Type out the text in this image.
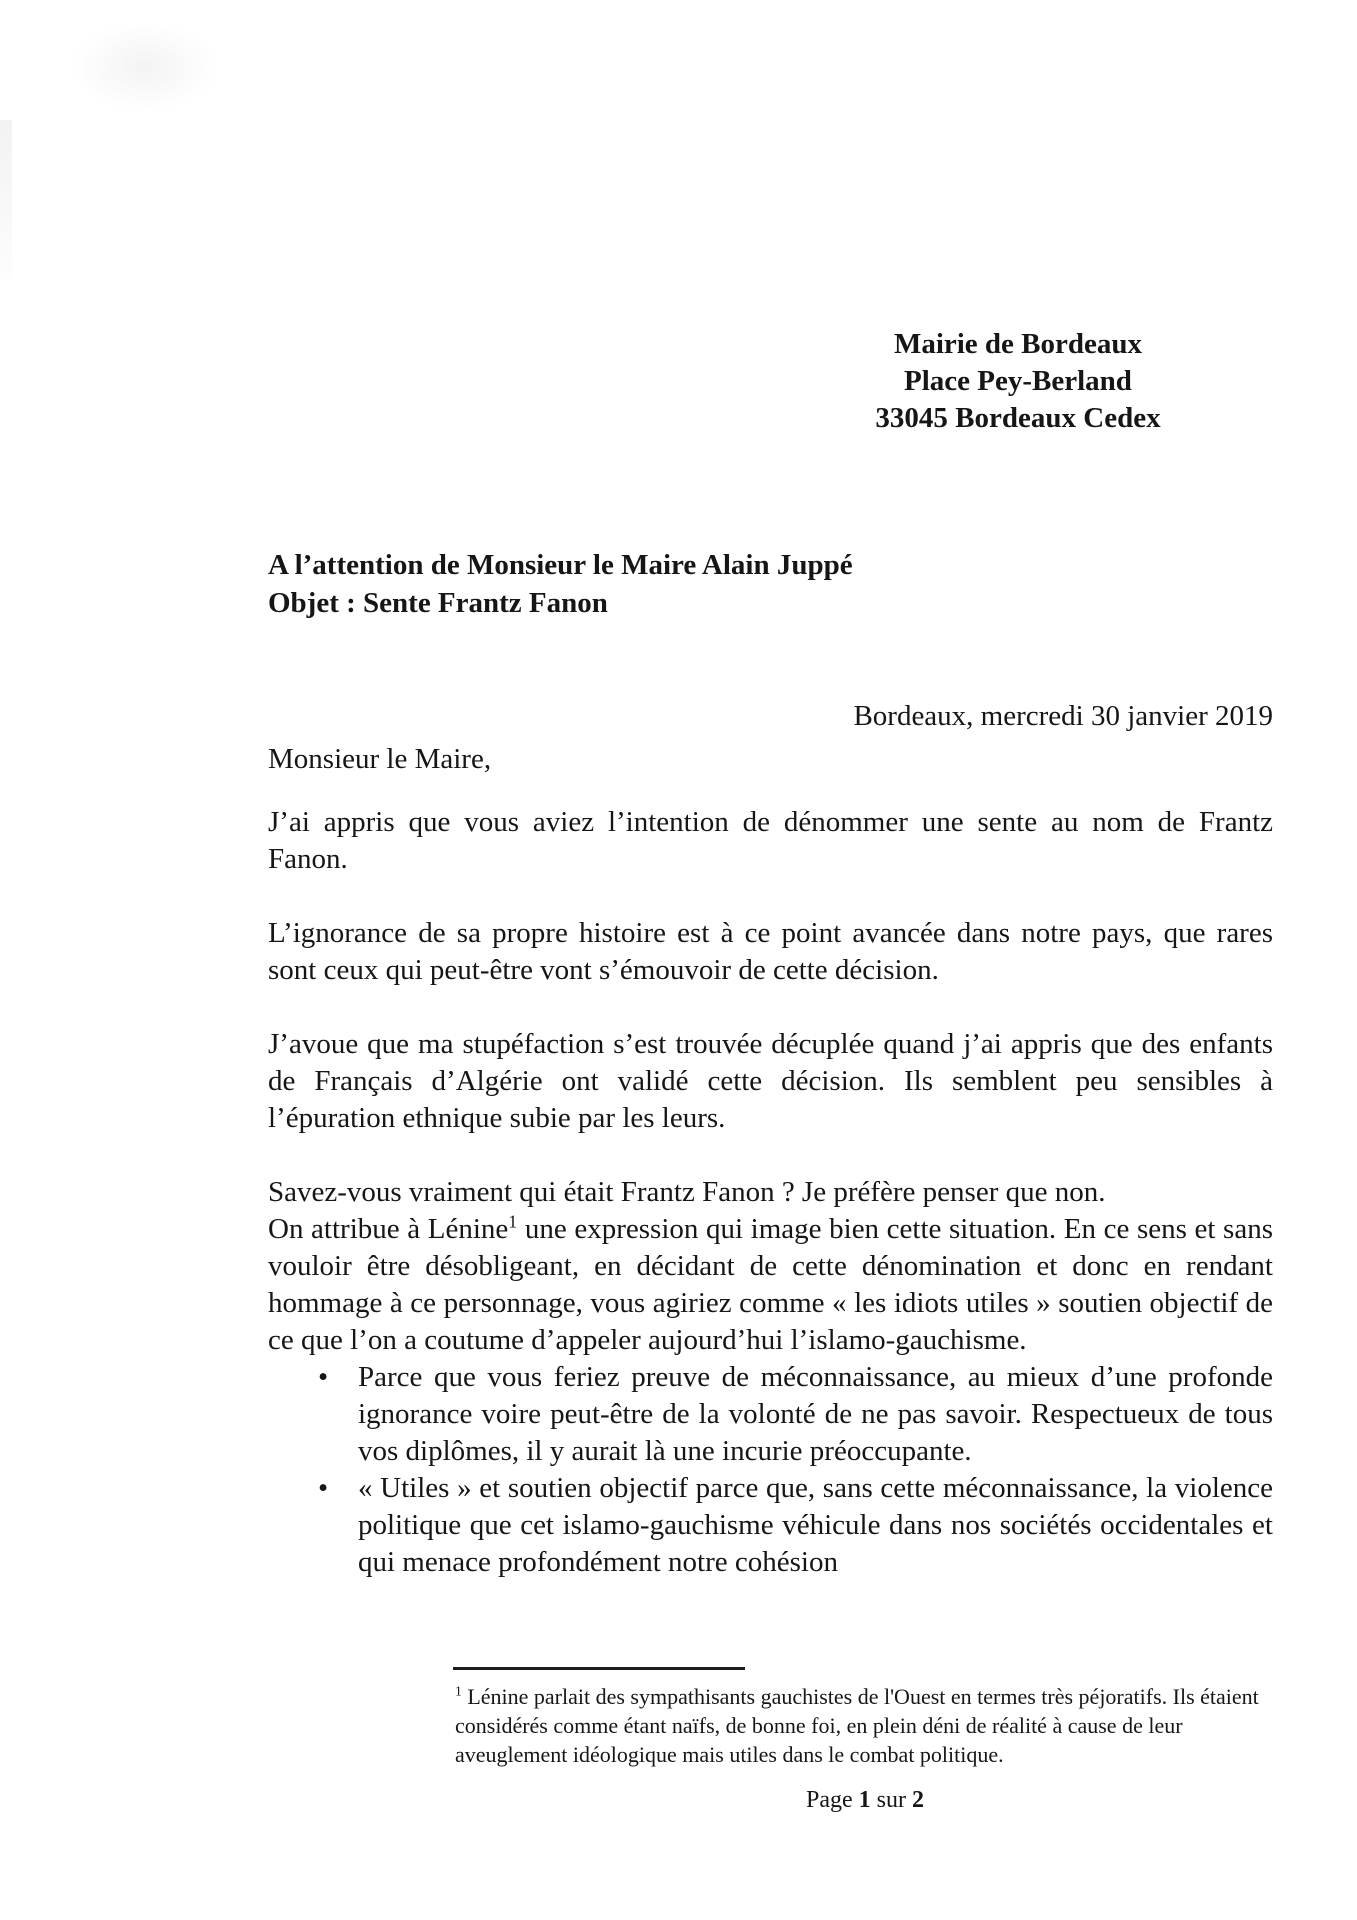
Mairie de Bordeaux
Place Pey-Berland
33045 Bordeaux Cedex
A l’attention de Monsieur le Maire Alain Juppé
Objet : Sente Frantz Fanon
Bordeaux, mercredi 30 janvier 2019
Monsieur le Maire,

J’ai appris que vous aviez l’intention de dénommer une sente au nom de Frantz Fanon.

L’ignorance de sa propre histoire est à ce point avancée dans notre pays, que rares sont ceux qui peut-être vont s’émouvoir de cette décision.

J’avoue que ma stupéfaction s’est trouvée décuplée quand j’ai appris que des enfants de Français d’Algérie ont validé cette décision. Ils semblent peu sensibles à l’épuration ethnique subie par les leurs.

Savez-vous vraiment qui était Frantz Fanon ? Je préfère penser que non.

On attribue à Lénine$^1$ une expression qui image bien cette situation. En ce sens et sans vouloir être désobligeant, en décidant de cette dénomination et donc en rendant hommage à ce personnage, vous agiriez comme « les idiots utiles » soutien objectif de ce que l’on a coutume d’appeler aujourd’hui l’islamo-gauchisme.

•	Parce que vous feriez preuve de méconnaissance, au mieux d’une profonde ignorance voire peut-être de la volonté de ne pas savoir. Respectueux de tous vos diplômes, il y aurait là une incurie préoccupante.
•	« Utiles » et soutien objectif parce que, sans cette méconnaissance, la violence politique que cet islamo-gauchisme véhicule dans nos sociétés occidentales et qui menace profondément notre cohésion
$^1$ Lénine parlait des sympathisants gauchistes de l'Ouest en termes très péjoratifs. Ils étaient considérés comme étant naïfs, de bonne foi, en plein déni de réalité à cause de leur aveuglement idéologique mais utiles dans le combat politique.
Page 1 sur 2
